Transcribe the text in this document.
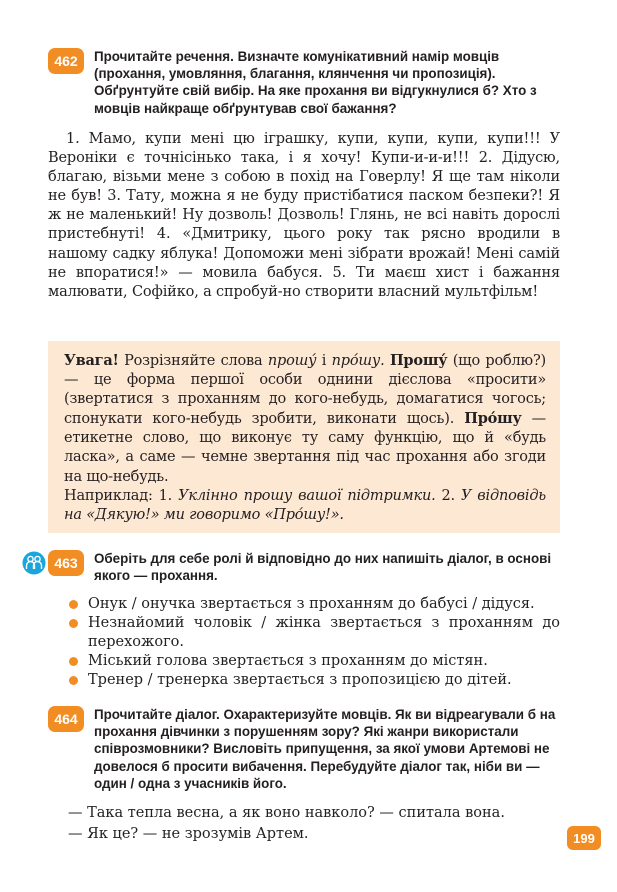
462	Прочитайте речення. Визначте комунікативний намір мовців (прохання, умовляння, благання, клянчення чи пропозиція). Обґрунтуйте свій вибір. На яке прохання ви відгукнулися б? Хто з мовців найкраще обґрунтував свої бажання?
1. Мамо, купи мені цю іграшку, купи, купи, купи, купи!!! У Вероніки є точнісінько така, і я хочу! Купи-и-и-и!!! 2. Дідусю, благаю, візьми мене з собою в похід на Говерлу! Я ще там ніколи не був! 3. Тату, можна я не буду пристібатися паском безпеки?! Я ж не маленький! Ну дозволь! Дозволь! Глянь, не всі навіть дорослі пристебнуті! 4. «Дмитрику, цього року так рясно вродили в нашому садку яблука! Допоможи мені зібрати врожай! Мені самій не впоратися!» — мовила бабуся. 5. Ти маєш хист і бажання малювати, Софійко, а спробуй-но створити власний мультфільм!
Увага! Розрізняйте слова прошу́ і про́шу. Прошу́ (що роблю?) — це форма першої особи однини дієслова «просити» (звертатися з проханням до кого-небудь, домагатися чогось; спонукати кого-небудь зробити, виконати щось). Про́шу — етикетне слово, що виконує ту саму функцію, що й «будь ласка», а саме — чемне звертання під час прохання або згоди на що-небудь.
Наприклад: 1. Уклінно прошу вашої підтримки. 2. У відповідь на «Дякую!» ми говоримо «Про́шу!».
463	Оберіть для себе ролі й відповідно до них напишіть діалог, в основі якого — прохання.
Онук / онучка звертається з проханням до бабусі / дідуся.
Незнайомий чоловік / жінка звертається з проханням до перехожого.
Міський голова звертається з проханням до містян.
Тренер / тренерка звертається з пропозицією до дітей.
464	Прочитайте діалог. Охарактеризуйте мовців. Як ви відреагували б на прохання дівчинки з порушенням зору? Які жанри використали співрозмовники? Висловіть припущення, за якої умови Артемові не довелося б просити вибачення. Перебудуйте діалог так, ніби ви — один / одна з учасників його.
— Така тепла весна, а як воно навколо? — спитала вона.
— Як це? — не зрозумів Артем.	199
